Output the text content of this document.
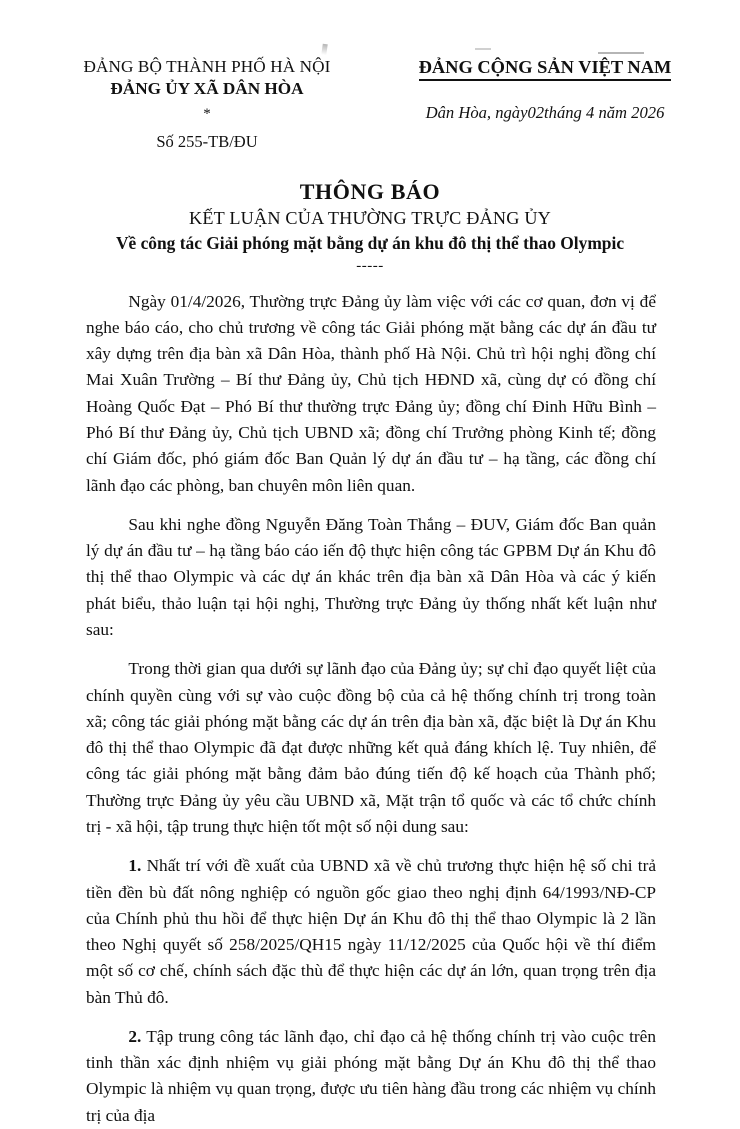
ĐẢNG BỘ THÀNH PHỐ HÀ NỘI
ĐẢNG ỦY XÃ DÂN HÒA
*
Số 255-TB/ĐU
ĐẢNG CỘNG SẢN VIỆT NAM
Dân Hòa, ngày02tháng 4 năm 2026
THÔNG BÁO
KẾT LUẬN CỦA THƯỜNG TRỰC ĐẢNG ỦY
Về công tác Giải phóng mặt bằng dự án khu đô thị thể thao Olympic
-----

Ngày 01/4/2026, Thường trực Đảng ủy làm việc với các cơ quan, đơn vị để nghe báo cáo, cho chủ trương về công tác Giải phóng mặt bằng các dự án đầu tư xây dựng trên địa bàn xã Dân Hòa, thành phố Hà Nội. Chủ trì hội nghị đồng chí Mai Xuân Trường – Bí thư Đảng ủy, Chủ tịch HĐND xã, cùng dự có đồng chí Hoàng Quốc Đạt – Phó Bí thư thường trực Đảng ủy; đồng chí Đinh Hữu Bình – Phó Bí thư Đảng ủy, Chủ tịch UBND xã; đồng chí Trưởng phòng Kinh tế; đồng chí Giám đốc, phó giám đốc Ban Quản lý dự án đầu tư – hạ tầng, các đồng chí lãnh đạo các phòng, ban chuyên môn liên quan.

Sau khi nghe đồng Nguyễn Đăng Toàn Thắng – ĐUV, Giám đốc Ban quản lý dự án đầu tư – hạ tầng báo cáo iến độ thực hiện công tác GPBM Dự án Khu đô thị thể thao Olympic và các dự án khác trên địa bàn xã Dân Hòa và các ý kiến phát biểu, thảo luận tại hội nghị, Thường trực Đảng ủy thống nhất kết luận như sau:

Trong thời gian qua dưới sự lãnh đạo của Đảng ủy; sự chỉ đạo quyết liệt của chính quyền cùng với sự vào cuộc đồng bộ của cả hệ thống chính trị trong toàn xã; công tác giải phóng mặt bằng các dự án trên địa bàn xã, đặc biệt là Dự án Khu đô thị thể thao Olympic đã đạt được những kết quả đáng khích lệ. Tuy nhiên, để công tác giải phóng mặt bằng đảm bảo đúng tiến độ kế hoạch của Thành phố; Thường trực Đảng ủy yêu cầu UBND xã, Mặt trận tổ quốc và các tổ chức chính trị - xã hội, tập trung thực hiện tốt một số nội dung sau:

1. Nhất trí với đề xuất của UBND xã về chủ trương thực hiện hệ số chi trả tiền đền bù đất nông nghiệp có nguồn gốc giao theo nghị định 64/1993/NĐ-CP của Chính phủ thu hồi để thực hiện Dự án Khu đô thị thể thao Olympic là 2 lần theo Nghị quyết số 258/2025/QH15 ngày 11/12/2025 của Quốc hội về thí điểm một số cơ chế, chính sách đặc thù để thực hiện các dự án lớn, quan trọng trên địa bàn Thủ đô.

2. Tập trung công tác lãnh đạo, chỉ đạo cả hệ thống chính trị vào cuộc trên tinh thần xác định nhiệm vụ giải phóng mặt bằng Dự án Khu đô thị thể thao Olympic là nhiệm vụ quan trọng, được ưu tiên hàng đầu trong các nhiệm vụ chính trị của địa
